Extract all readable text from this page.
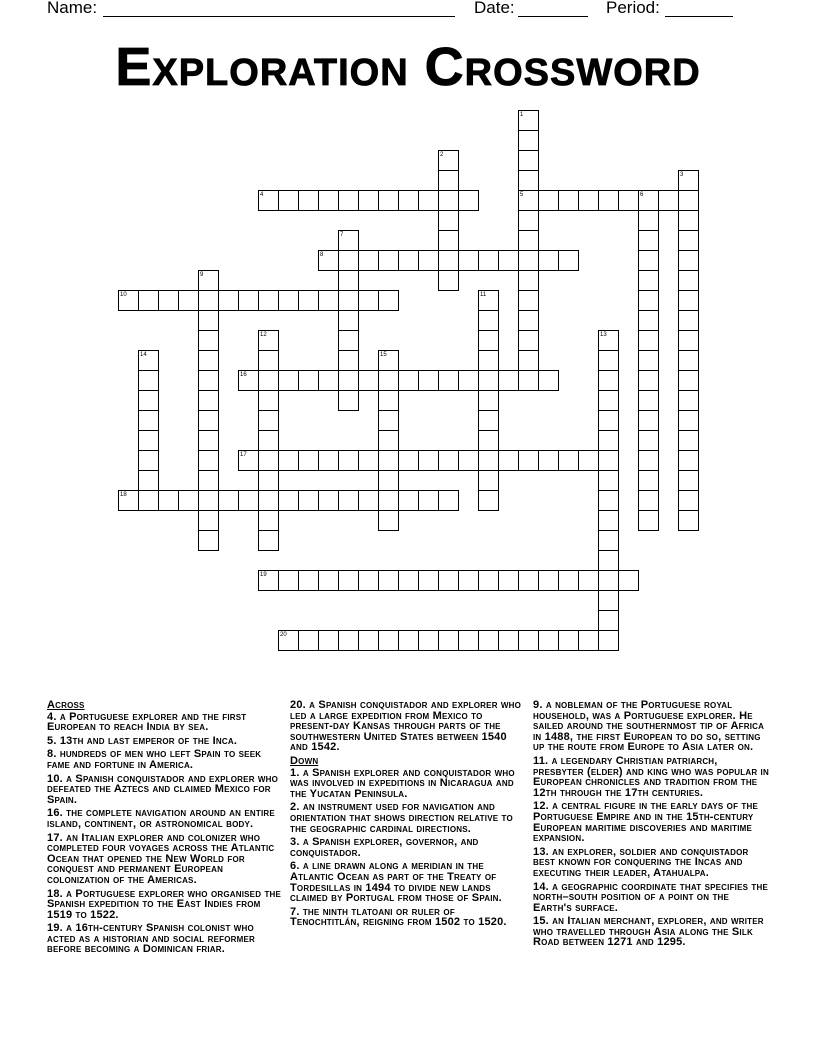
Name:	Date:	Period:
Exploration Crossword
1
2
3
4	5	6
7
8
9
10	11
12	13
14	15
16
17
18
19
20
Across
4. a Portuguese explorer and the first European to reach India by sea.
5. 13th and last emperor of the Inca.
8. hundreds of men who left Spain to seek fame and fortune in America.
10. a Spanish conquistador and explorer who defeated the Aztecs and claimed Mexico for Spain.
16. the complete navigation around an entire island, continent, or astronomical body.
17. an Italian explorer and colonizer who completed four voyages across the Atlantic Ocean that opened the New World for conquest and permanent European colonization of the Americas.
18. a Portuguese explorer who organised the Spanish expedition to the East Indies from 1519 to 1522.
19. a 16th-century Spanish colonist who acted as a historian and social reformer before becoming a Dominican friar.
20. a Spanish conquistador and explorer who led a large expedition from Mexico to present-day Kansas through parts of the southwestern United States between 1540 and 1542.
Down
1. a Spanish explorer and conquistador who was involved in expeditions in Nicaragua and the Yucatan Peninsula.
2. an instrument used for navigation and orientation that shows direction relative to the geographic cardinal directions.
3. a Spanish explorer, governor, and conquistador.
6. a line drawn along a meridian in the Atlantic Ocean as part of the Treaty of Tordesillas in 1494 to divide new lands claimed by Portugal from those of Spain.
7. the ninth tlatoani or ruler of Tenochtitlán, reigning from 1502 to 1520.
9. a nobleman of the Portuguese royal household, was a Portuguese explorer. He sailed around the southernmost tip of Africa in 1488, the first European to do so, setting up the route from Europe to Asia later on.
11. a legendary Christian patriarch, presbyter (elder) and king who was popular in European chronicles and tradition from the 12th through the 17th centuries.
12. a central figure in the early days of the Portuguese Empire and in the 15th-century European maritime discoveries and maritime expansion.
13. an explorer, soldier and conquistador best known for conquering the Incas and executing their leader, Atahualpa.
14. a geographic coordinate that specifies the north–south position of a point on the Earth's surface.
15. an Italian merchant, explorer, and writer who travelled through Asia along the Silk Road between 1271 and 1295.
